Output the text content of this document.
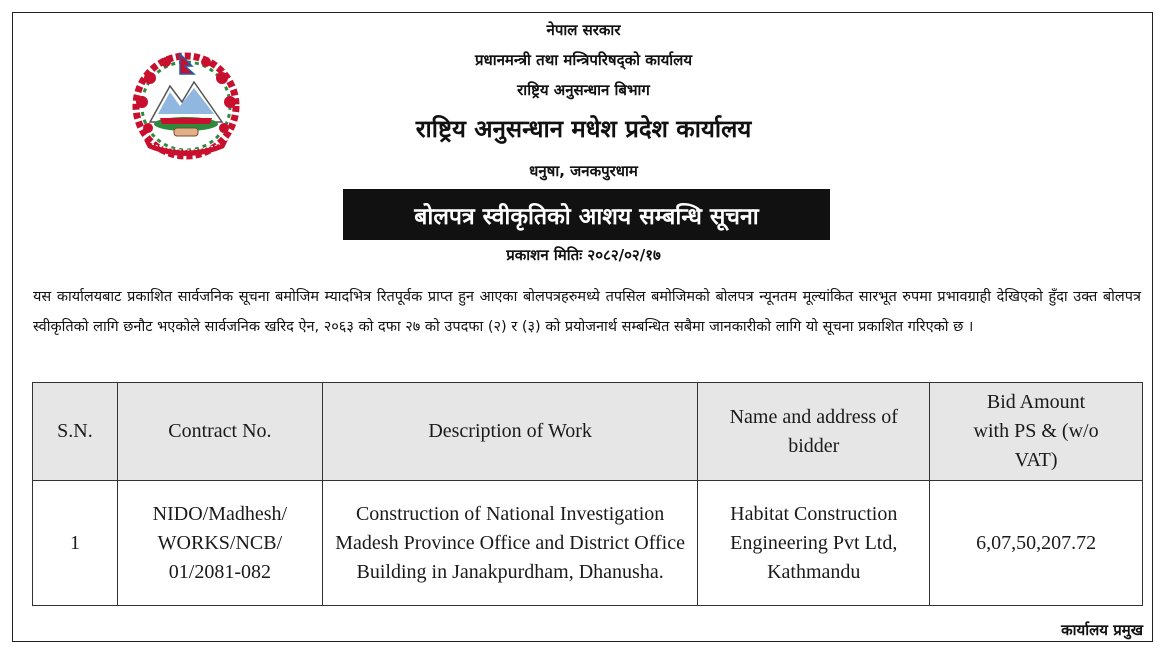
नेपाल सरकार
प्रधानमन्त्री तथा मन्त्रिपरिषद्को कार्यालय
राष्ट्रिय अनुसन्धान बिभाग
राष्ट्रिय अनुसन्धान मधेश प्रदेश कार्यालय
धनुषा, जनकपुरधाम
बोलपत्र स्वीकृतिको आशय सम्बन्धि सूचना
प्रकाशन मितिः २०८२/०२/१७
यस कार्यालयबाट प्रकाशित सार्वजनिक सूचना बमोजिम म्यादभित्र रितपूर्वक प्राप्त हुन आएका बोलपत्रहरुमध्ये तपसिल बमोजिमको बोलपत्र न्यूनतम मूल्यांकित सारभूत रुपमा प्रभावग्राही देखिएको हुँदा उक्त बोलपत्र स्वीकृतिको लागि छनौट भएकोले सार्वजनिक खरिद ऐन, २०६३ को दफा २७ को उपदफा (२) र (३) को प्रयोजनार्थ सम्बन्धित सबैमा जानकारीको लागि यो सूचना प्रकाशित गरिएको छ ।
S.N.	Contract No.	Description of Work	Name and address of bidder	Bid Amount with PS & (w/o VAT)
1	NIDO/Madhesh/ WORKS/NCB/ 01/2081-082	Construction of National Investigation Madesh Province Office and District Office Building in Janakpurdham, Dhanusha.	Habitat Construction Engineering Pvt Ltd, Kathmandu	6,07,50,207.72
कार्यालय प्रमुख
